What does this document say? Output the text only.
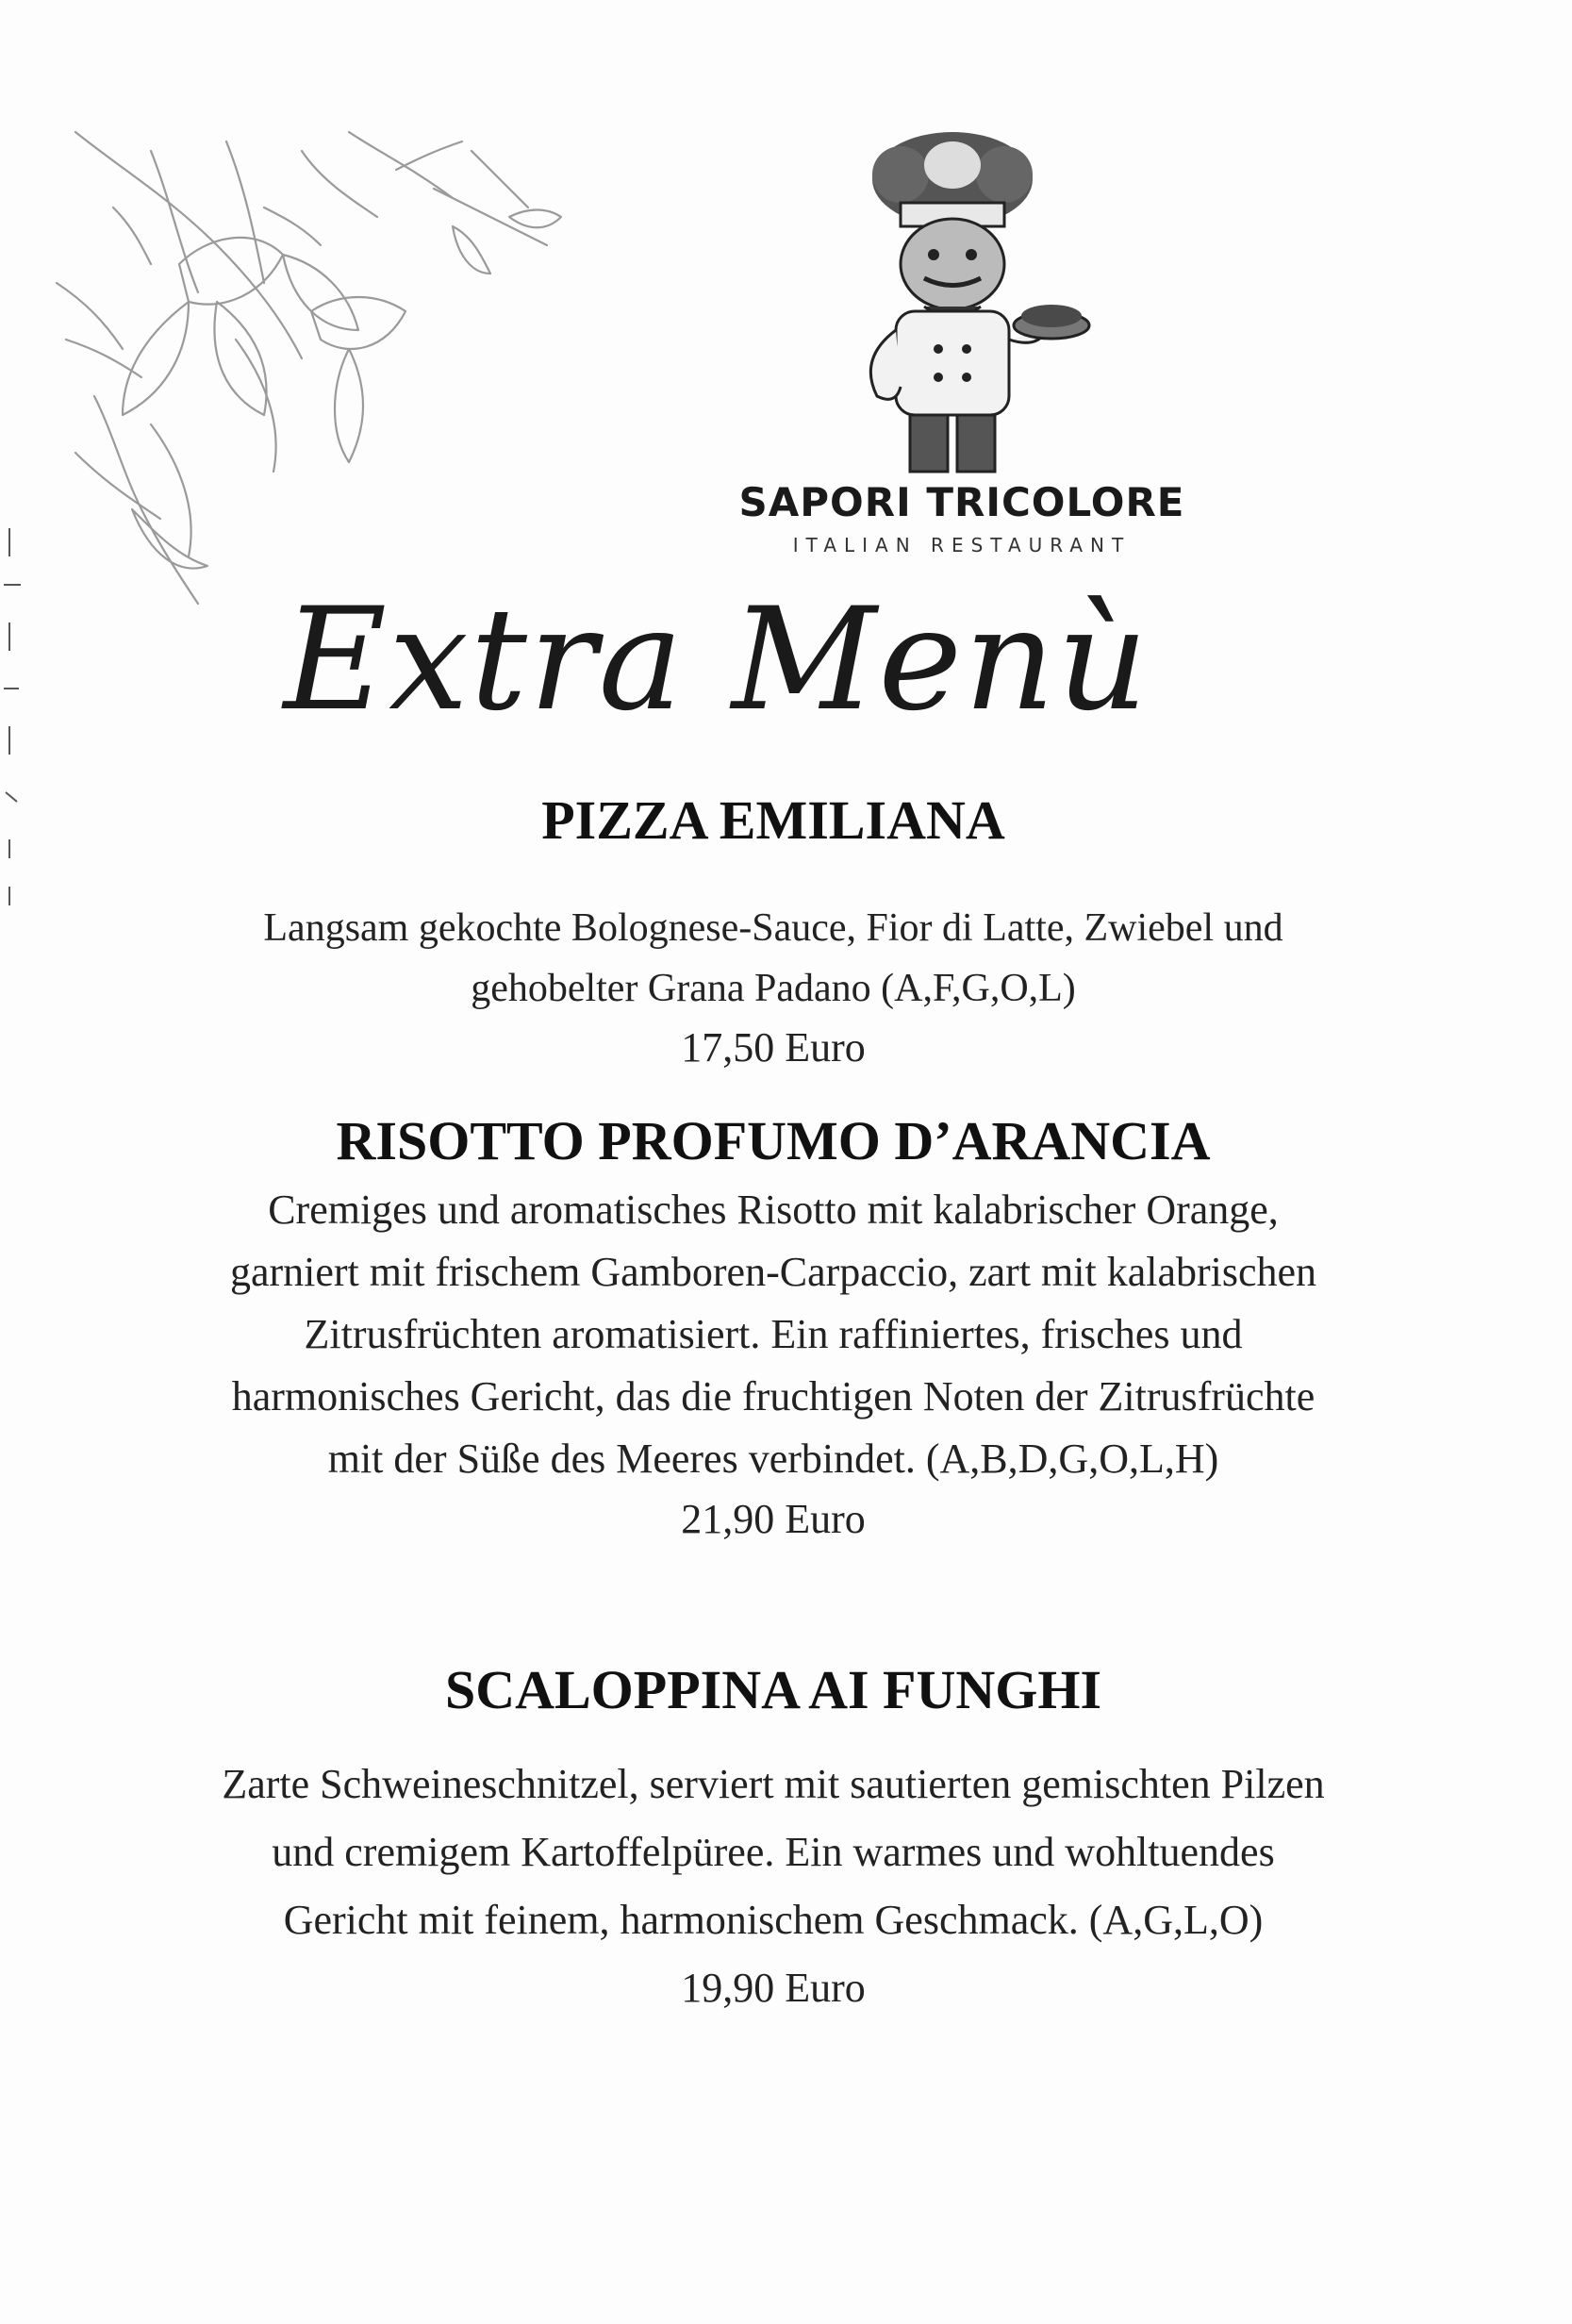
SAPORI TRICOLORE
ITALIAN RESTAURANT
Extra Menù

PIZZA EMILIANA

Langsam gekochte Bolognese-Sauce, Fior di Latte, Zwiebel und
gehobelter Grana Padano (A,F,G,O,L)

17,50 Euro

RISOTTO PROFUMO D’ARANCIA

Cremiges und aromatisches Risotto mit kalabrischer Orange,
garniert mit frischem Gamboren-Carpaccio, zart mit kalabrischen
Zitrusfrüchten aromatisiert. Ein raffiniertes, frisches und
harmonisches Gericht, das die fruchtigen Noten der Zitrusfrüchte
mit der Süße des Meeres verbindet. (A,B,D,G,O,L,H)

21,90 Euro

SCALOPPINA AI FUNGHI

Zarte Schweineschnitzel, serviert mit sautierten gemischten Pilzen
und cremigem Kartoffelpüree. Ein warmes und wohltuendes
Gericht mit feinem, harmonischem Geschmack. (A,G,L,O)

19,90 Euro
